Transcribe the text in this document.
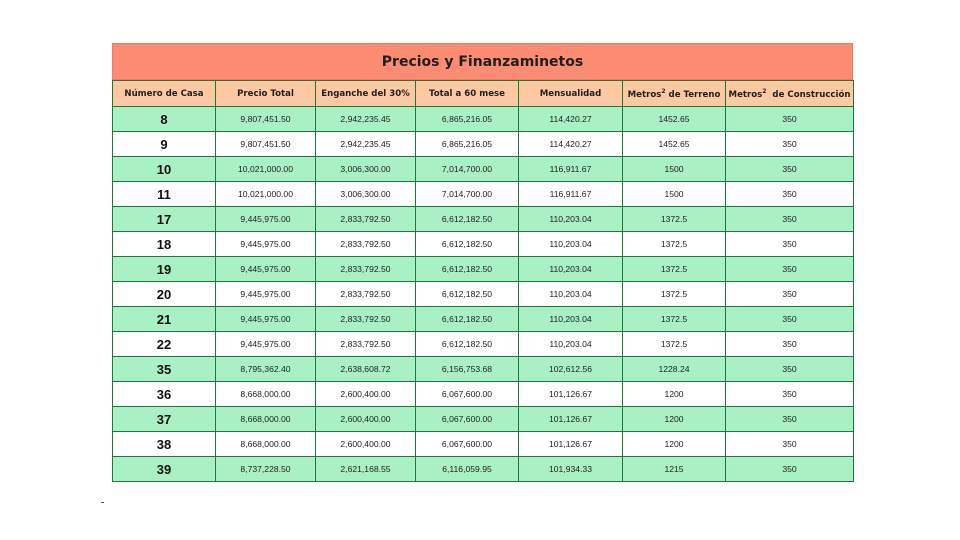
Precios y Finanzaminetos
Número de Casa	Precio Total	Enganche del 30%	Total a 60 mese	Mensualidad	Metros$^2$ de Terreno	Metros$^2$  de Construcción
8	9,807,451.50	2,942,235.45	6,865,216.05	114,420.27	1452.65	350
9	9,807,451.50	2,942,235.45	6,865,216.05	114,420.27	1452.65	350
10	10,021,000.00	3,006,300.00	7,014,700.00	116,911.67	1500	350
11	10,021,000.00	3,006,300.00	7,014,700.00	116,911.67	1500	350
17	9,445,975.00	2,833,792.50	6,612,182.50	110,203.04	1372.5	350
18	9,445,975.00	2,833,792.50	6,612,182.50	110,203.04	1372.5	350
19	9,445,975.00	2,833,792.50	6,612,182.50	110,203.04	1372.5	350
20	9,445,975.00	2,833,792.50	6,612,182.50	110,203.04	1372.5	350
21	9,445,975.00	2,833,792.50	6,612,182.50	110,203.04	1372.5	350
22	9,445,975.00	2,833,792.50	6,612,182.50	110,203.04	1372.5	350
35	8,795,362.40	2,638,608.72	6,156,753.68	102,612.56	1228.24	350
36	8,668,000.00	2,600,400.00	6,067,600.00	101,126.67	1200	350
37	8,668,000.00	2,600,400.00	6,067,600.00	101,126.67	1200	350
38	8,668,000.00	2,600,400.00	6,067,600.00	101,126.67	1200	350
39	8,737,228.50	2,621,168.55	6,116,059.95	101,934.33	1215	350
